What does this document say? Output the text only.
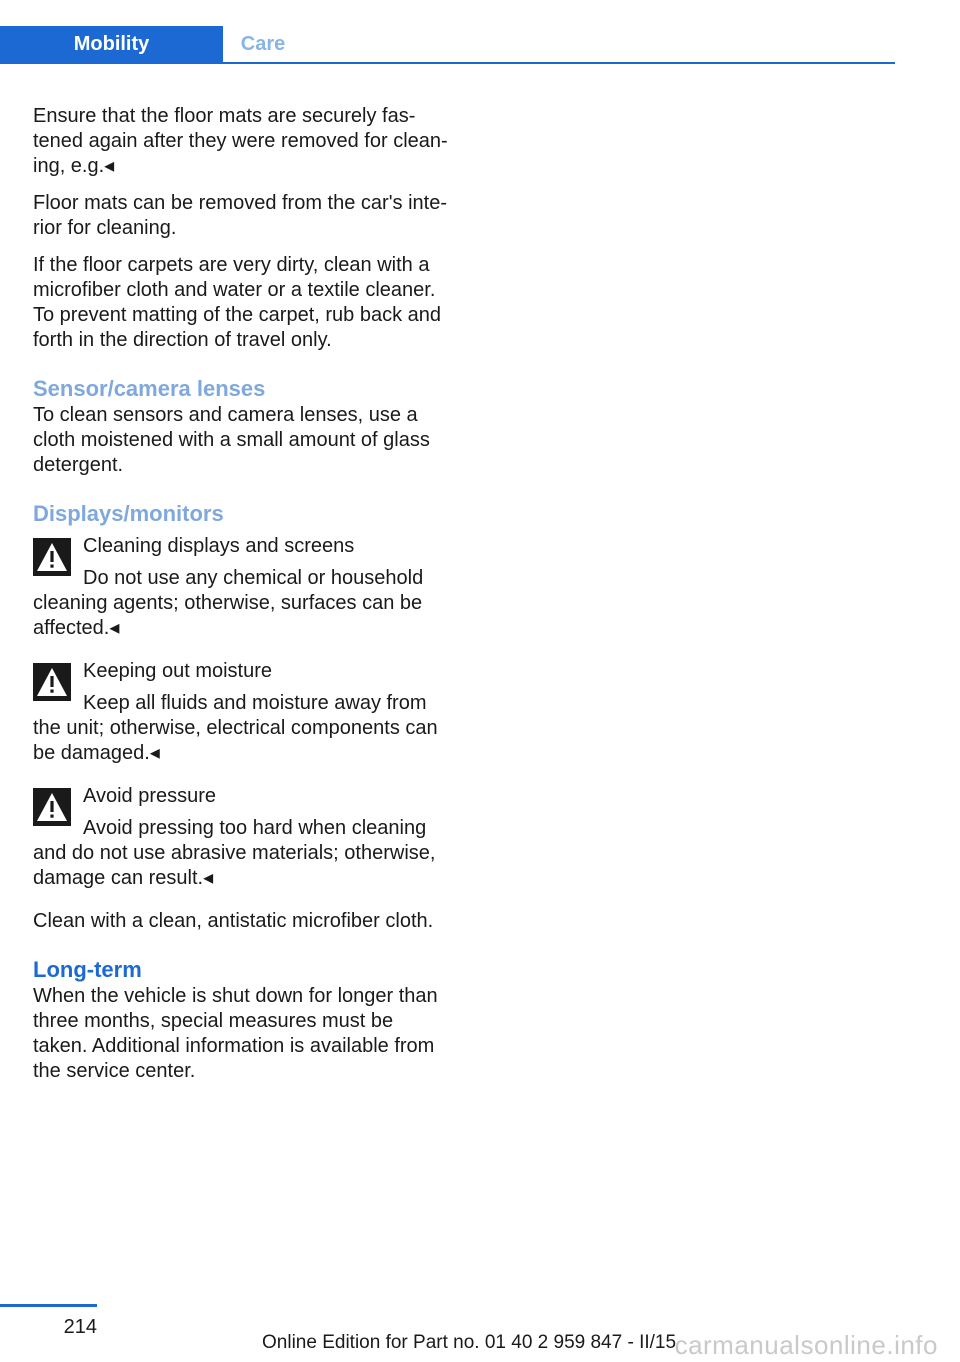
Mobility	Care

Ensure that the floor mats are securely fastened again after they were removed for cleaning, e.g.◂

Floor mats can be removed from the car's interior for cleaning.

If the floor carpets are very dirty, clean with a microfiber cloth and water or a textile cleaner. To prevent matting of the carpet, rub back and forth in the direction of travel only.

Sensor/camera lenses

To clean sensors and camera lenses, use a cloth moistened with a small amount of glass detergent.

Displays/monitors

Cleaning displays and screens

Do not use any chemical or household cleaning agents; otherwise, surfaces can be affected.◂

Keeping out moisture

Keep all fluids and moisture away from the unit; otherwise, electrical components can be damaged.◂

Avoid pressure

Avoid pressing too hard when cleaning and do not use abrasive materials; otherwise, damage can result.◂

Clean with a clean, antistatic microfiber cloth.

Long-term

When the vehicle is shut down for longer than three months, special measures must be taken. Additional information is available from the service center.

214
Online Edition for Part no. 01 40 2 959 847 - II/15
carmanualsonline.info
